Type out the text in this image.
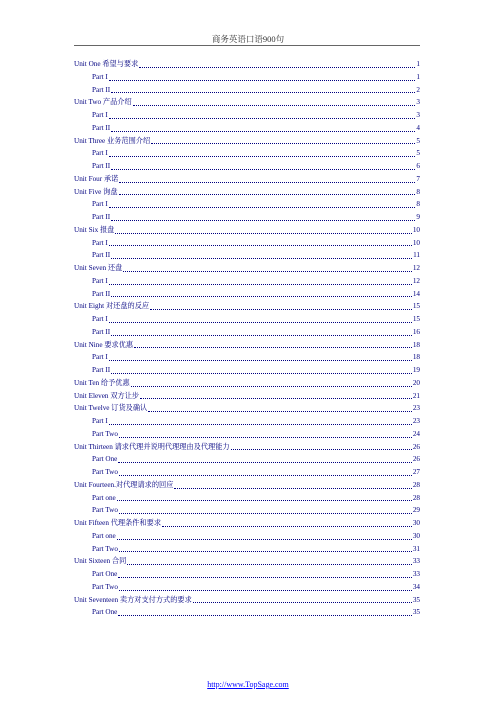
商务英语口语900句
Unit One 希望与要求	1
Part I	1
Part II	2
Unit Two 产品介绍	3
Part I	3
Part II	4
Unit Three 业务范围介绍	5
Part I	5
Part II	6
Unit Four 承诺	7
Unit Five 询盘	8
Part I	8
Part II	9
Unit Six 报盘	10
Part I	10
Part II	11
Unit Seven 还盘	12
Part I	12
Part II	14
Unit Eight 对还盘的反应	15
Part I	15
Part II	16
Unit Nine 要求优惠	18
Part I	18
Part II	19
Unit Ten 给予优惠	20
Unit Eleven 双方让步	21
Unit Twelve 订货及确认	23
Part I	23
Part Two	24
Unit Thirteen 请求代理并说明代理理由及代理能力	26
Part One	26
Part Two	27
Unit Fourteen.对代理请求的回应	28
Part one	28
Part Two	29
Unit Fifteen 代理条件和要求	30
Part one	30
Part Two	31
Unit Sixteen 合同	33
Part One	33
Part Two	34
Unit Seventeen 卖方对支付方式的要求	35
Part One	35
http://www.TopSage.com
